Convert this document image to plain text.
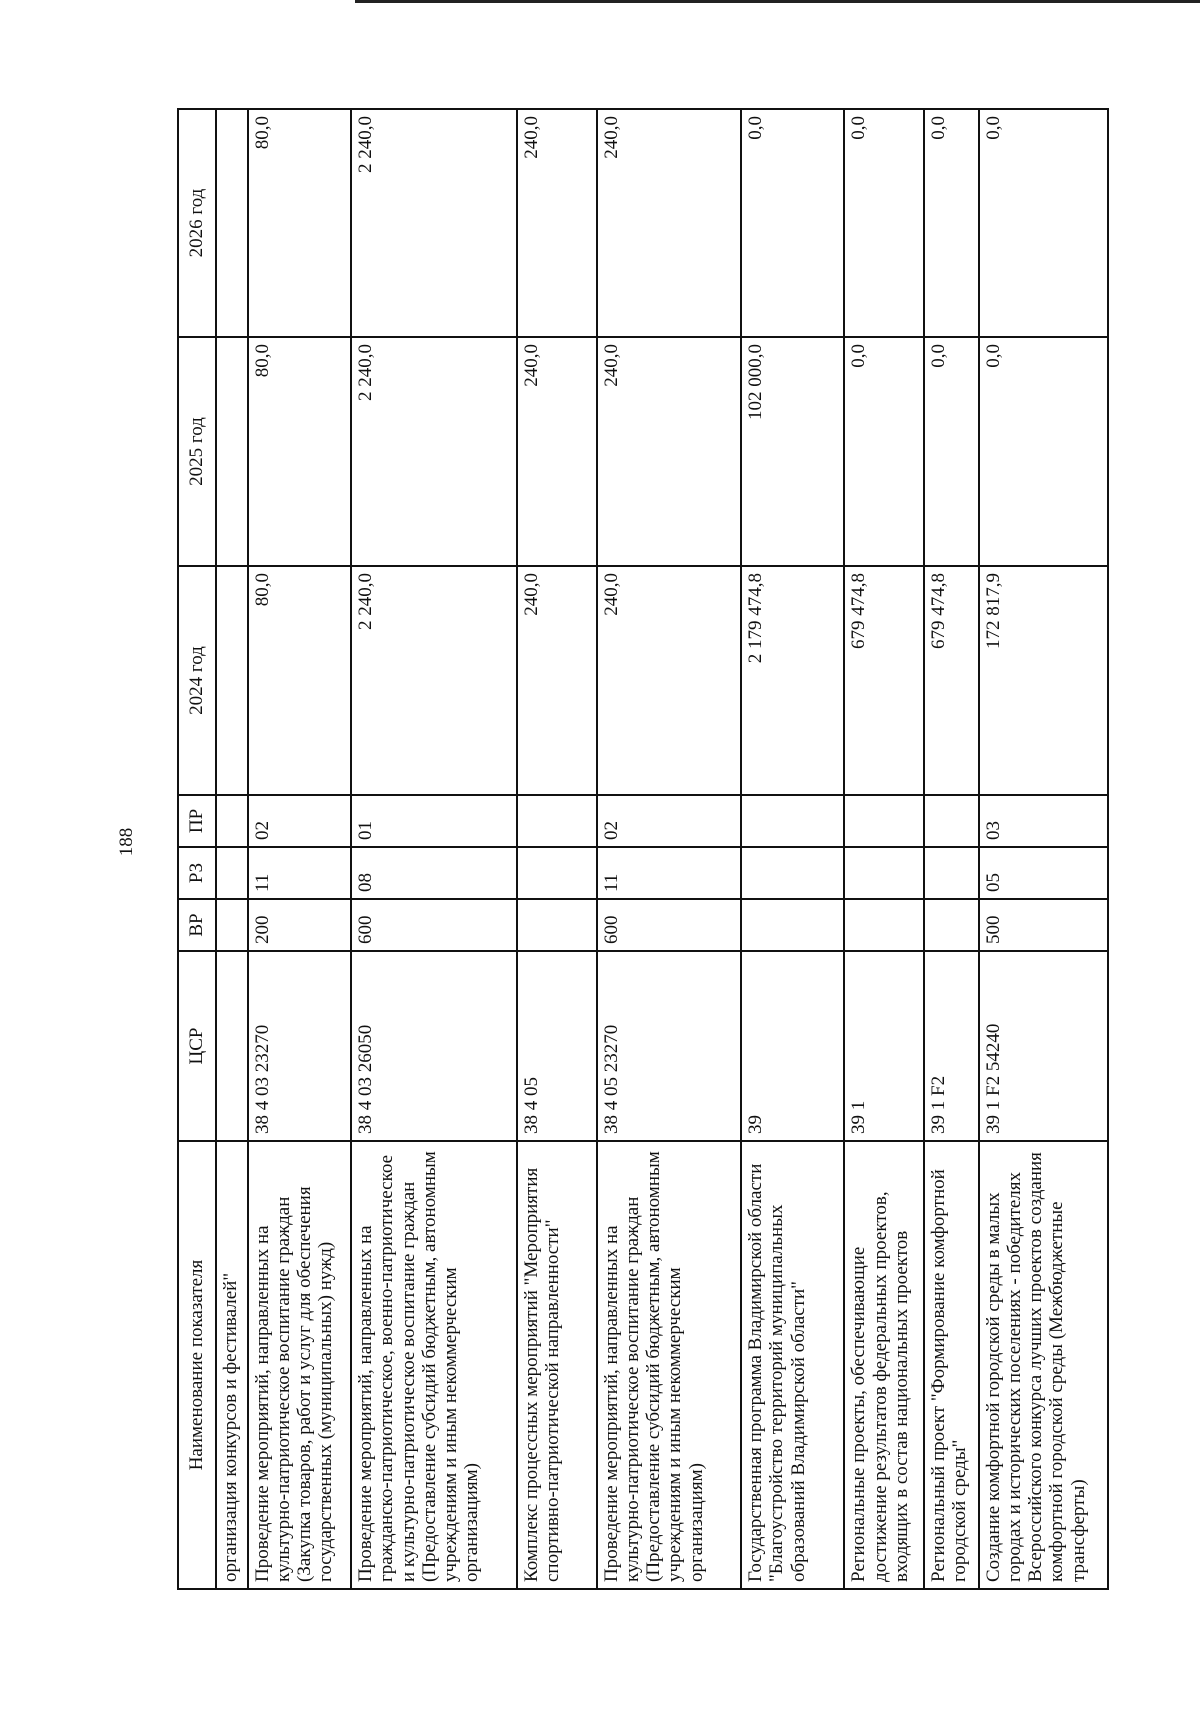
188
Наименование показателя	ЦСР	ВР	РЗ	ПР	2024 год	2025 год	2026 год
организация конкурсов и фестивалей"							
Проведение мероприятий, направленных на культурно-патриотическое воспитание граждан (Закупка товаров, работ и услуг для обеспечения государственных (муниципальных) нужд)	38 4 03 23270	200	11	02	80,0	80,0	80,0
Проведение мероприятий, направленных на гражданско-патриотическое, военно-патриотическое и культурно-патриотическое воспитание граждан (Предоставление субсидий бюджетным, автономным учреждениям и иным некоммерческим организациям)	38 4 03 26050	600	08	01	2 240,0	2 240,0	2 240,0
Комплекс процессных мероприятий "Мероприятия спортивно-патриотической направленности"	38 4 05				240,0	240,0	240,0
Проведение мероприятий, направленных на культурно-патриотическое воспитание граждан (Предоставление субсидий бюджетным, автономным учреждениям и иным некоммерческим организациям)	38 4 05 23270	600	11	02	240,0	240,0	240,0
Государственная программа Владимирской области "Благоустройство территорий муниципальных образований Владимирской области"	39				2 179 474,8	102 000,0	0,0
Региональные проекты, обеспечивающие достижение результатов федеральных проектов, входящих в состав национальных проектов	39 1				679 474,8	0,0	0,0
Региональный проект "Формирование комфортной городской среды"	39 1 F2				679 474,8	0,0	0,0
Создание комфортной городской среды в малых городах и исторических поселениях - победителях Всероссийского конкурса лучших проектов создания комфортной городской среды (Межбюджетные трансферты)	39 1 F2 54240	500	05	03	172 817,9	0,0	0,0
